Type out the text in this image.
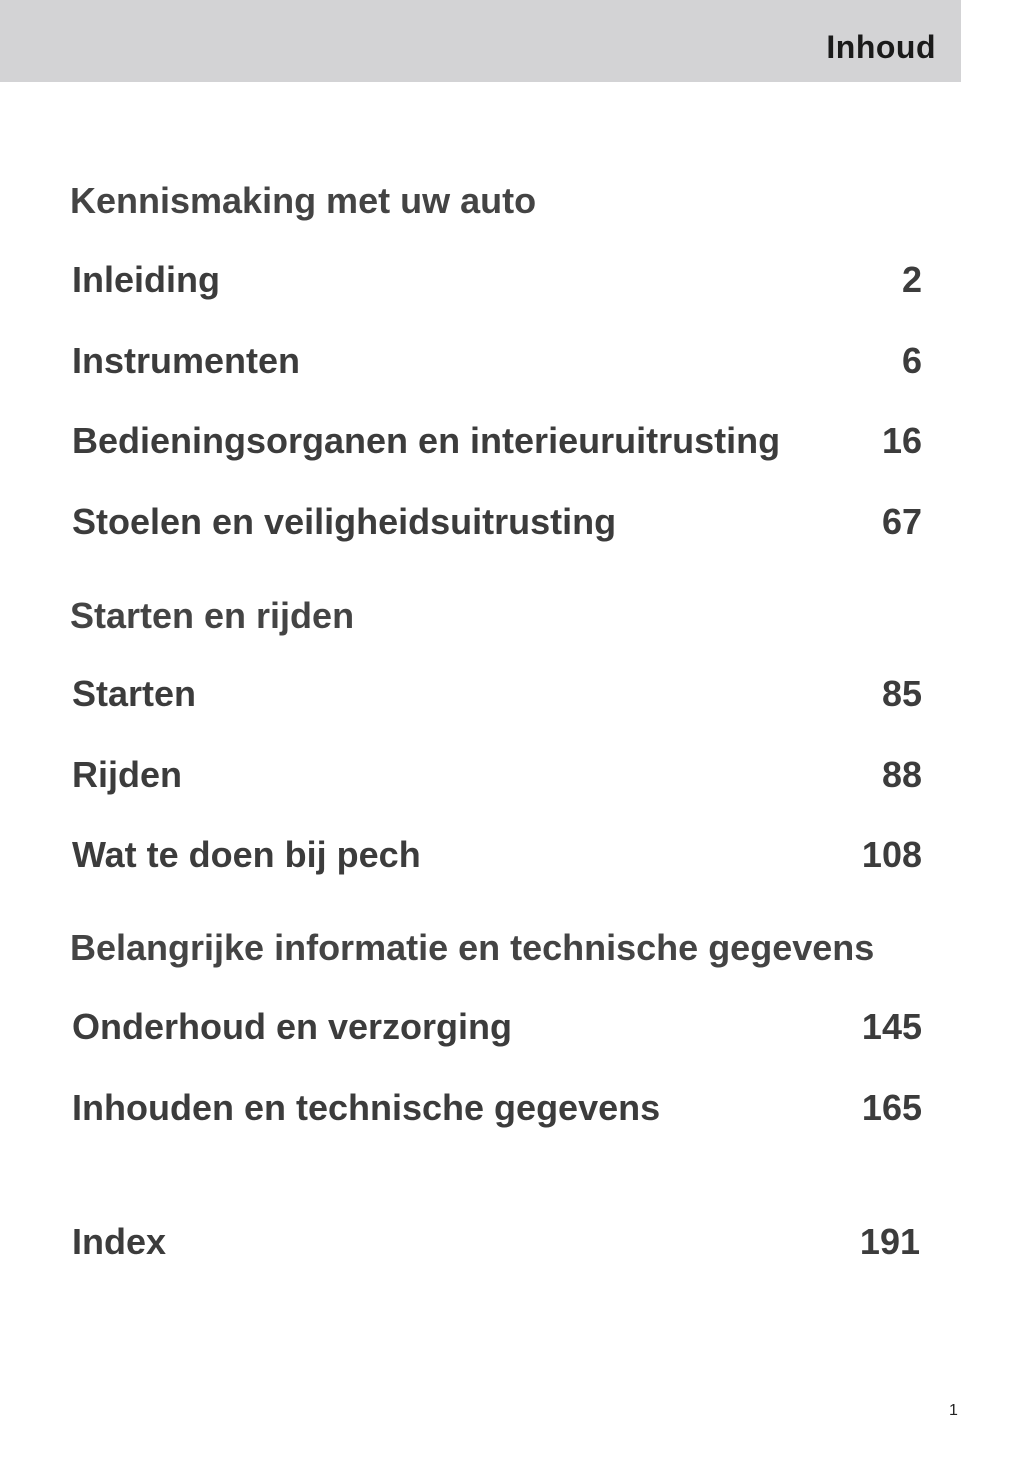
Inhoud
Kennismaking met uw auto
Inleiding	2
Instrumenten	6
Bedieningsorganen en interieuruitrusting	16
Stoelen en veiligheidsuitrusting	67
Starten en rijden
Starten	85
Rijden	88
Wat te doen bij pech	108
Belangrijke informatie en technische gegevens
Onderhoud en verzorging	145
Inhouden en technische gegevens	165
Index	191
1
